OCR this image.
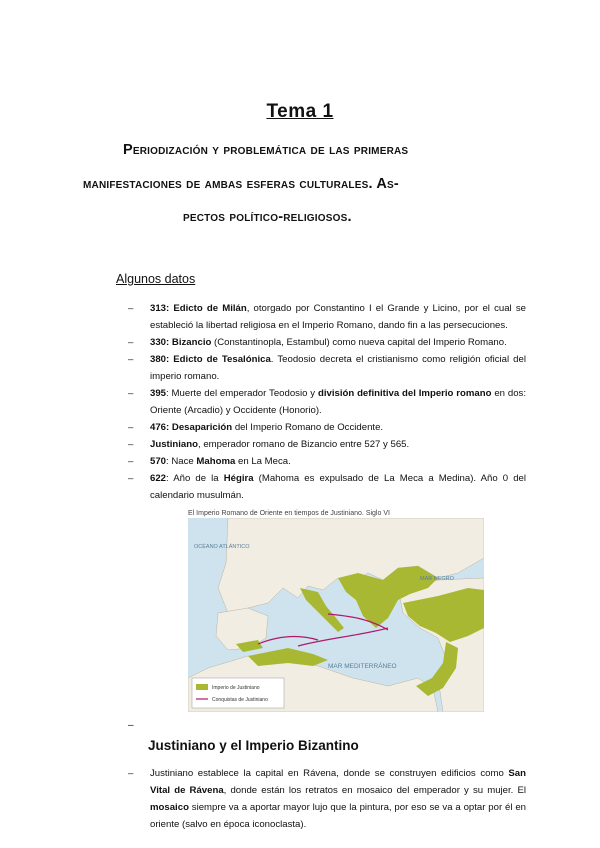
Tema 1
Periodización y problemática de las primeras
manifestaciones de ambas esferas culturales. As-
pectos político-religiosos.
Algunos datos
– 313: Edicto de Milán, otorgado por Constantino I el Grande y Licino, por el cual se estableció la libertad religiosa en el Imperio Romano, dando fin a las persecuciones.
– 330: Bizancio (Constantinopla, Estambul) como nueva capital del Imperio Romano.
– 380: Edicto de Tesalónica. Teodosio decreta el cristianismo como religión oficial del imperio romano.
– 395: Muerte del emperador Teodosio y división definitiva del Imperio romano en dos: Oriente (Arcadio) y Occidente (Honorio).
– 476: Desaparición del Imperio Romano de Occidente.
– Justiniano, emperador romano de Bizancio entre 527 y 565.
– 570: Nace Mahoma en La Meca.
– 622: Año de la Hégira (Mahoma es expulsado de La Meca a Medina). Año 0 del calendario musulmán.
El Imperio Romano de Oriente en tiempos de Justiniano. Siglo VI
OCÉANO ATLÁNTICO
MAR MEDITERRÁNEO
MAR NEGRO
Imperio de Justiniano
Conquistas de Justiniano
–
Justiniano y el Imperio Bizantino
– Justiniano establece la capital en Rávena, donde se construyen edificios como San Vital de Rávena, donde están los retratos en mosaico del emperador y su mujer. El mosaico siempre va a aportar mayor lujo que la pintura, por eso se va a optar por él en oriente (salvo en época iconoclasta).
